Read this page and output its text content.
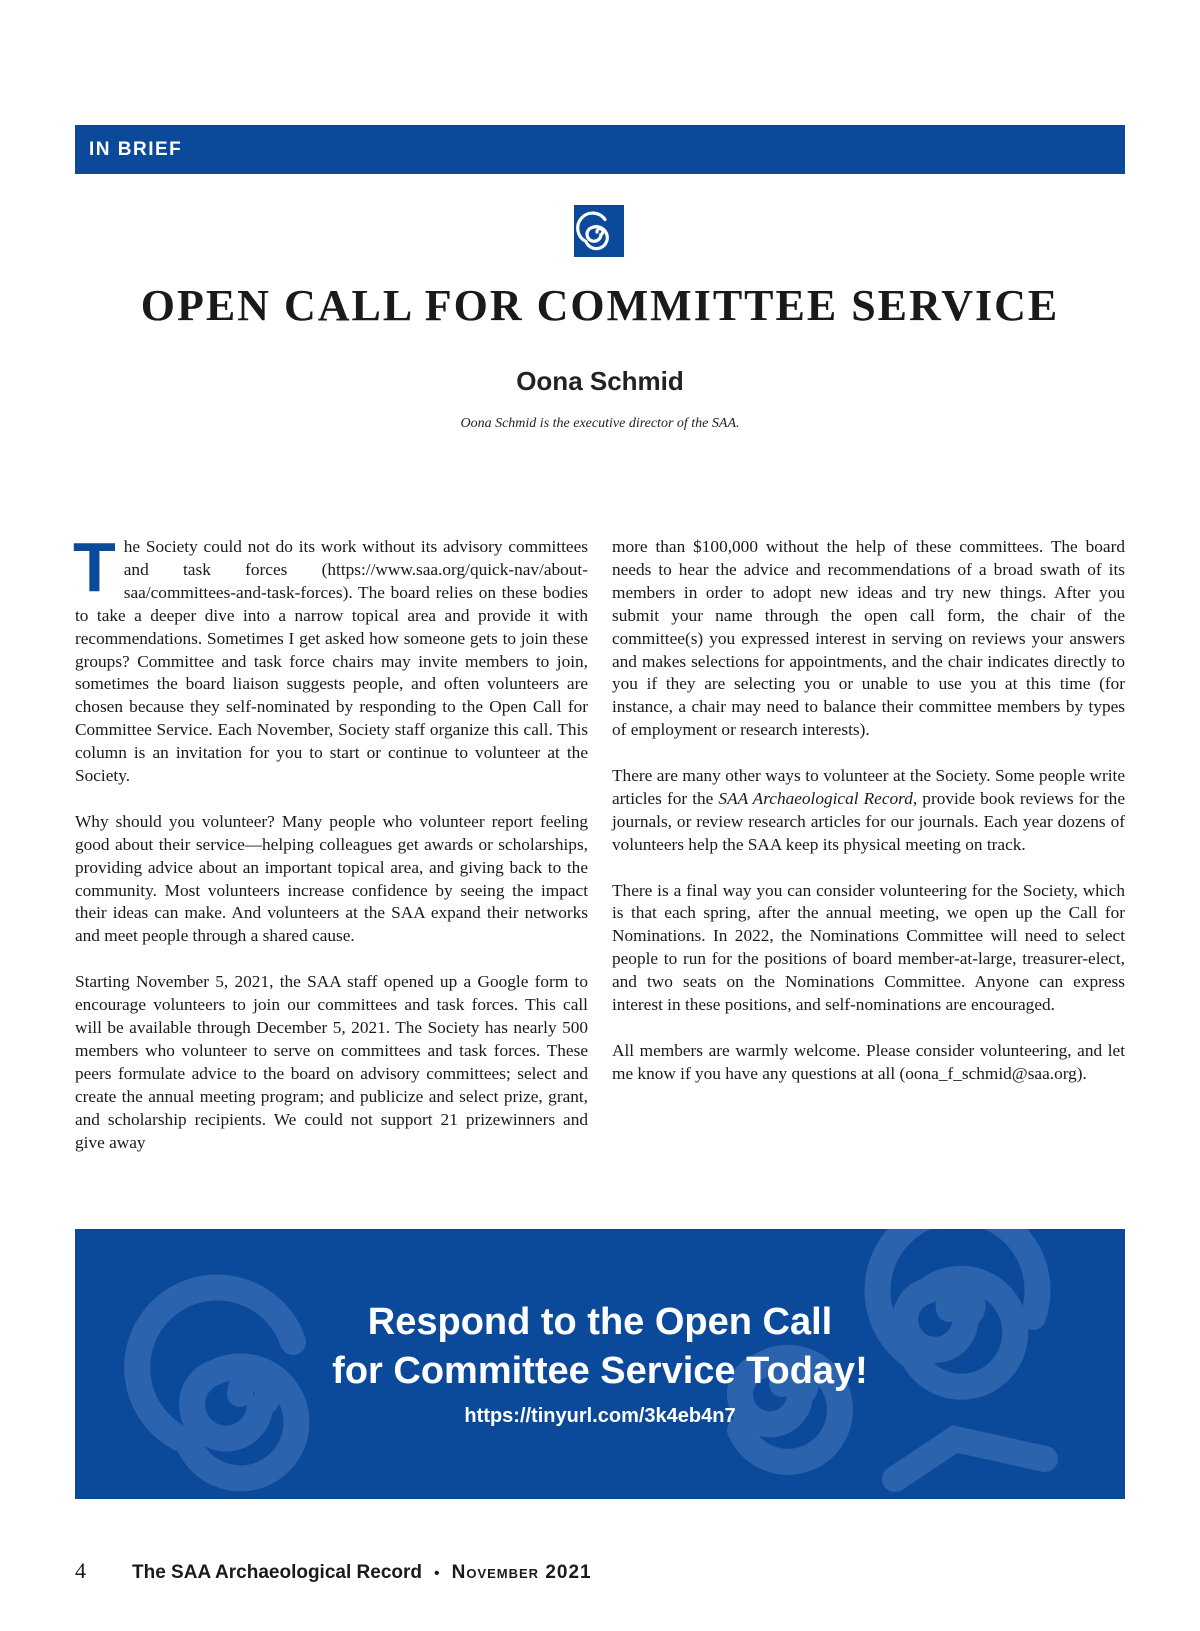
IN BRIEF
OPEN CALL FOR COMMITTEE SERVICE
Oona Schmid
Oona Schmid is the executive director of the SAA.

The Society could not do its work without its advisory committees and task forces (https://www.saa.org/quick-nav/about-saa/committees-and-task-forces). The board relies on these bodies to take a deeper dive into a narrow topical area and provide it with recommendations. Sometimes I get asked how someone gets to join these groups? Committee and task force chairs may invite members to join, sometimes the board liaison suggests people, and often volunteers are chosen because they self-nominated by responding to the Open Call for Committee Service. Each November, Society staff organize this call. This column is an invitation for you to start or continue to volunteer at the Society.

Why should you volunteer? Many people who volunteer report feeling good about their service—helping colleagues get awards or scholarships, providing advice about an important topical area, and giving back to the community. Most volunteers increase confidence by seeing the impact their ideas can make. And volunteers at the SAA expand their networks and meet people through a shared cause.

Starting November 5, 2021, the SAA staff opened up a Google form to encourage volunteers to join our committees and task forces. This call will be available through December 5, 2021. The Society has nearly 500 members who volunteer to serve on committees and task forces. These peers formulate advice to the board on advisory committees; select and create the annual meeting program; and publicize and select prize, grant, and scholarship recipients. We could not support 21 prizewinners and give away

more than $100,000 without the help of these committees. The board needs to hear the advice and recommendations of a broad swath of its members in order to adopt new ideas and try new things. After you submit your name through the open call form, the chair of the committee(s) you expressed interest in serving on reviews your answers and makes selections for appointments, and the chair indicates directly to you if they are selecting you or unable to use you at this time (for instance, a chair may need to balance their committee members by types of employment or research interests).

There are many other ways to volunteer at the Society. Some people write articles for the SAA Archaeological Record, provide book reviews for the journals, or review research articles for our journals. Each year dozens of volunteers help the SAA keep its physical meeting on track.

There is a final way you can consider volunteering for the Society, which is that each spring, after the annual meeting, we open up the Call for Nominations. In 2022, the Nominations Committee will need to select people to run for the positions of board member-at-large, treasurer-elect, and two seats on the Nominations Committee. Anyone can express interest in these positions, and self-nominations are encouraged.

All members are warmly welcome. Please consider volunteering, and let me know if you have any questions at all (oona_f_schmid@saa.org).

Respond to the Open Call
for Committee Service Today!
https://tinyurl.com/3k4eb4n7
4 The SAA Archaeological Record • November 2021
